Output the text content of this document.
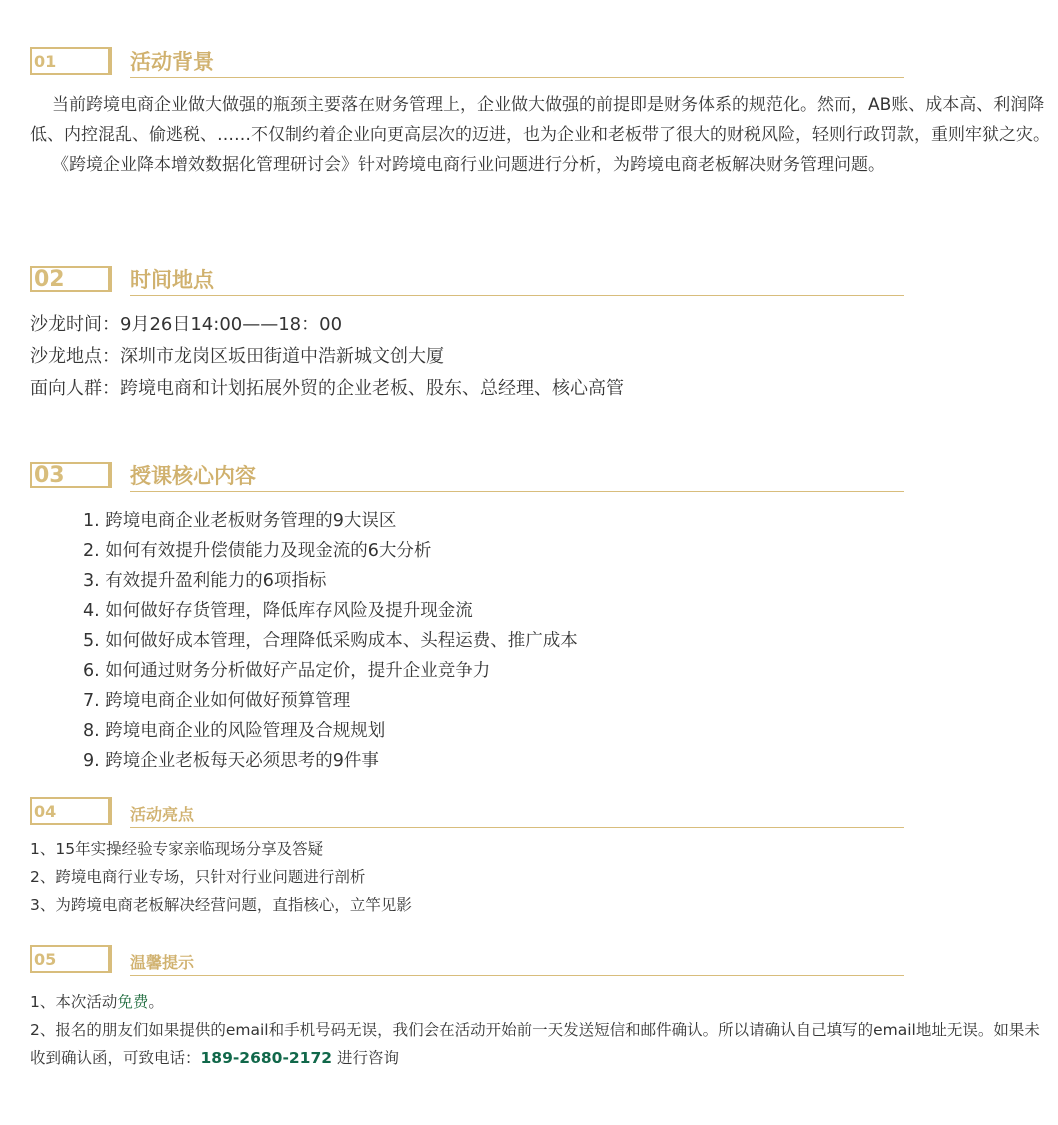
01	活动背景

当前跨境电商企业做大做强的瓶颈主要落在财务管理上，企业做大做强的前提即是财务体系的规范化。然而，AB账、成本高、利润降低、内控混乱、偷逃税、……不仅制约着企业向更高层次的迈进，也为企业和老板带了很大的财税风险，轻则行政罚款，重则牢狱之灾。

《跨境企业降本增效数据化管理研讨会》针对跨境电商行业问题进行分析，为跨境电商老板解决财务管理问题。

02	时间地点
沙龙时间：9月26日14:00——18：00
沙龙地点：深圳市龙岗区坂田街道中浩新城文创大厦
面向人群：跨境电商和计划拓展外贸的企业老板、股东、总经理、核心高管
03	授课核心内容
1. 跨境电商企业老板财务管理的9大误区
2. 如何有效提升偿债能力及现金流的6大分析
3. 有效提升盈利能力的6项指标
4. 如何做好存货管理，降低库存风险及提升现金流
5. 如何做好成本管理，合理降低采购成本、头程运费、推广成本
6. 如何通过财务分析做好产品定价，提升企业竞争力
7. 跨境电商企业如何做好预算管理
8. 跨境电商企业的风险管理及合规规划
9. 跨境企业老板每天必须思考的9件事
04	活动亮点
1、15年实操经验专家亲临现场分享及答疑
2、跨境电商行业专场，只针对行业问题进行剖析
3、为跨境电商老板解决经营问题，直指核心，立竿见影
05	温馨提示
1、本次活动免费。
2、报名的朋友们如果提供的email和手机号码无误，我们会在活动开始前一天发送短信和邮件确认。所以请确认自己填写的email地址无误。如果未收到确认函，可致电话：189-2680-2172 进行咨询
